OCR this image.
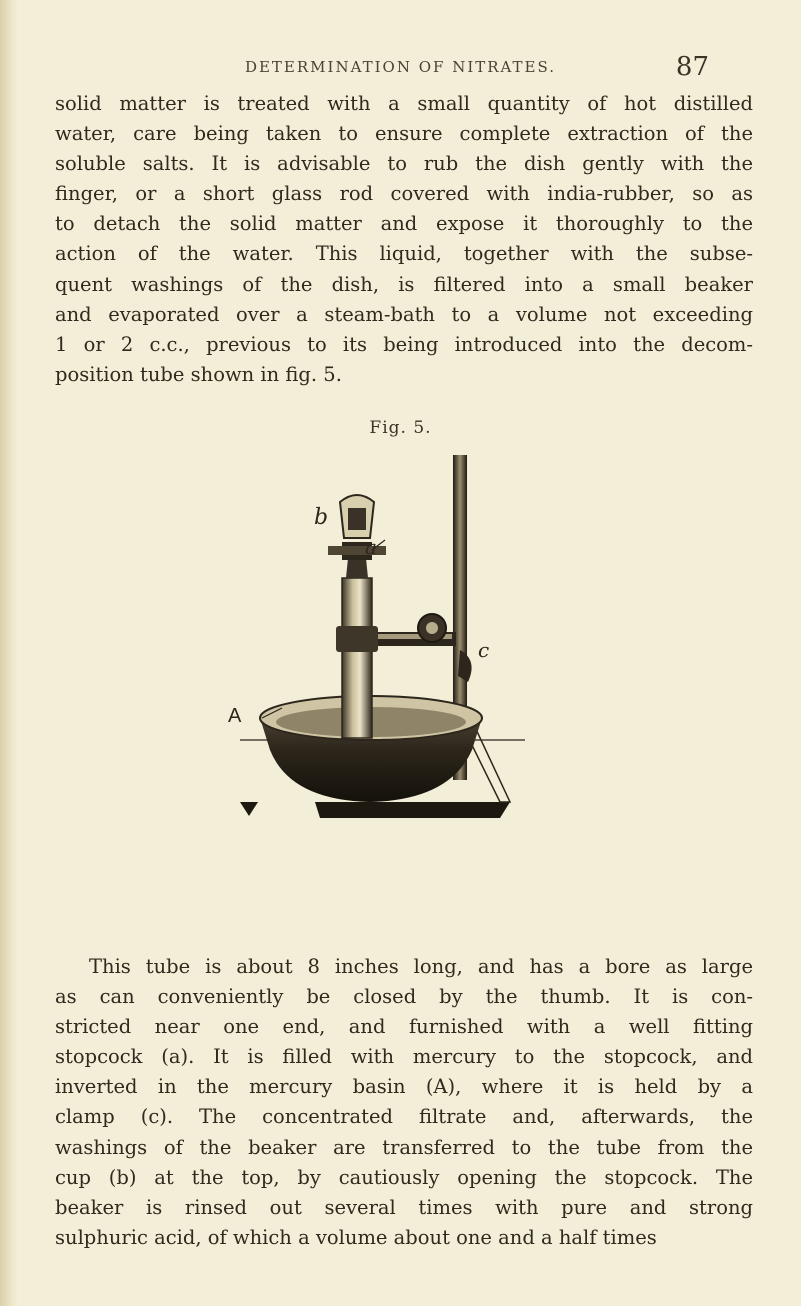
DETERMINATION OF NITRATES.	87
solid matter is treated with a small quantity of hot distilled
water, care being taken to ensure complete extraction of the
soluble salts. It is advisable to rub the dish gently with the
finger, or a short glass rod covered with india-rubber, so as
to detach the solid matter and expose it thoroughly to the
action of the water. This liquid, together with the subse-
quent washings of the dish, is filtered into a small beaker
and evaporated over a steam-bath to a volume not exceeding
1 or 2 c.c., previous to its being introduced into the decom-
position tube shown in fig. 5.
Fig. 5.
b
a
c
A
This tube is about 8 inches long, and has a bore as large
as can conveniently be closed by the thumb. It is con-
stricted near one end, and furnished with a well fitting
stopcock (a). It is filled with mercury to the stopcock, and
inverted in the mercury basin (A), where it is held by a
clamp (c). The concentrated filtrate and, afterwards, the
washings of the beaker are transferred to the tube from the
cup (b) at the top, by cautiously opening the stopcock. The
beaker is rinsed out several times with pure and strong
sulphuric acid, of which a volume about one and a half times
